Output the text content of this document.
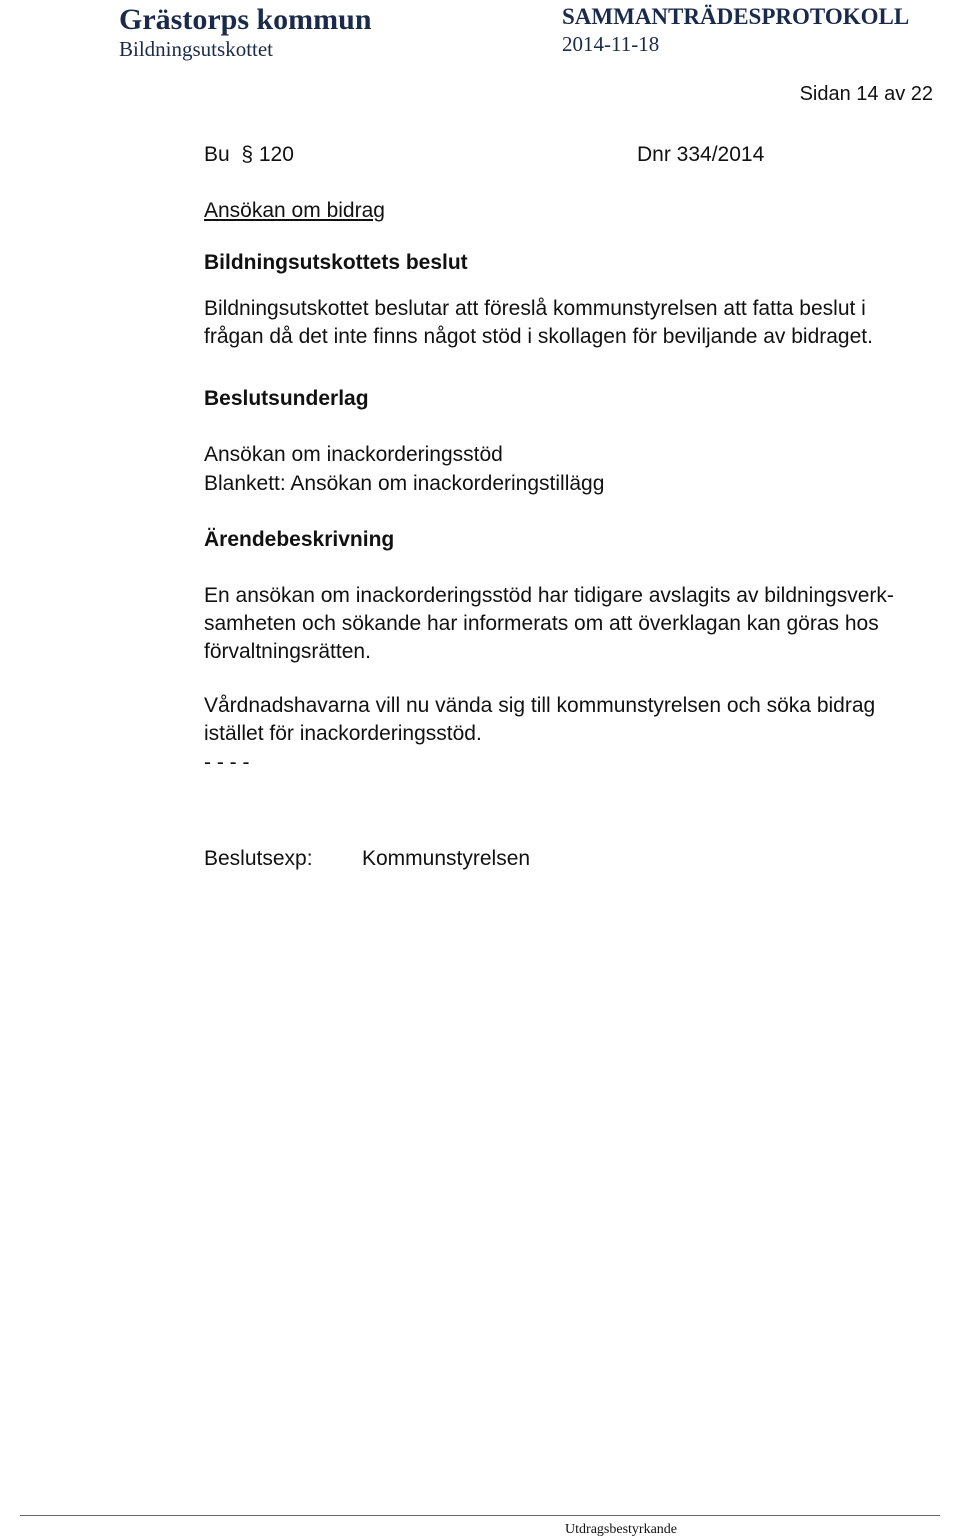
Grästorps kommun
Bildningsutskottet
SAMMANTRÄDESPROTOKOLL
2014-11-18
Sidan 14 av 22
Bu  § 120	Dnr 334/2014
Ansökan om bidrag
Bildningsutskottets beslut
Bildningsutskottet beslutar att föreslå kommunstyrelsen att fatta beslut i
frågan då det inte finns något stöd i skollagen för beviljande av bidraget.
Beslutsunderlag
Ansökan om inackorderingsstöd
Blankett: Ansökan om inackorderingstillägg
Ärendebeskrivning
En ansökan om inackorderingsstöd har tidigare avslagits av bildningsverk-
samheten och sökande har informerats om att överklagan kan göras hos
förvaltningsrätten.
Vårdnadshavarna vill nu vända sig till kommunstyrelsen och söka bidrag
istället för inackorderingsstöd.
- - - -
Beslutsexp: Kommunstyrelsen
Utdragsbestyrkande
